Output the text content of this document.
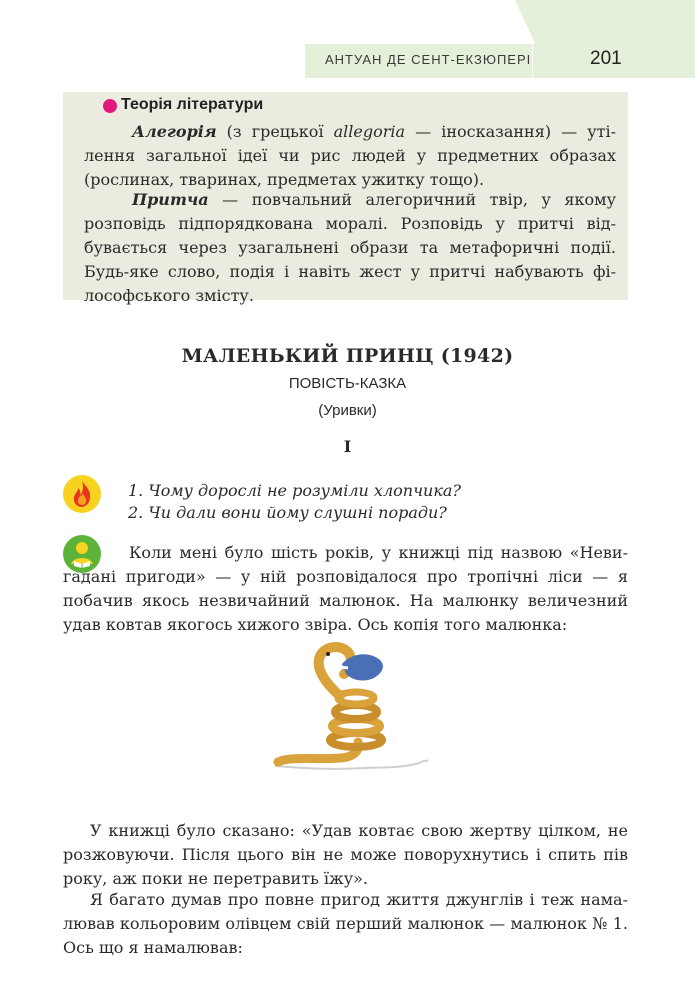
АНТУАН ДЕ СЕНТ-ЕКЗЮПЕРІ	201
Теорія літератури
Алегорія (з грецької allegoria — іносказання) — утілення загальної ідеї чи рис людей у предметних образах (рослинах, тваринах, предметах ужитку тощо).
Притча — повчальний алегоричний твір, у якому розповідь підпорядкована моралі. Розповідь у притчі відбувається через узагальнені образи та метафоричні події. Будь-яке слово, подія і навіть жест у притчі набувають філософського змісту.
МАЛЕНЬКИЙ ПРИНЦ (1942)
ПОВІСТЬ-КАЗКА
(Уривки)
I
1. Чому дорослі не розуміли хлопчика?
2. Чи дали вони йому слушні поради?
Коли мені було шість років, у книжці під назвою «Невигадані пригоди» — у ній розповідалося про тропічні ліси — я побачив якось незвичайний малюнок. На малюнку величезний удав ковтав якогось хижого звіра. Ось копія того малюнка:
У книжці було сказано: «Удав ковтає свою жертву цілком, не розжовуючи. Після цього він не може поворухнутись і спить пів року, аж поки не перетравить їжу».
Я багато думав про повне пригод життя джунглів і теж намалював кольоровим олівцем свій перший малюнок — малюнок № 1. Ось що я намалював:
